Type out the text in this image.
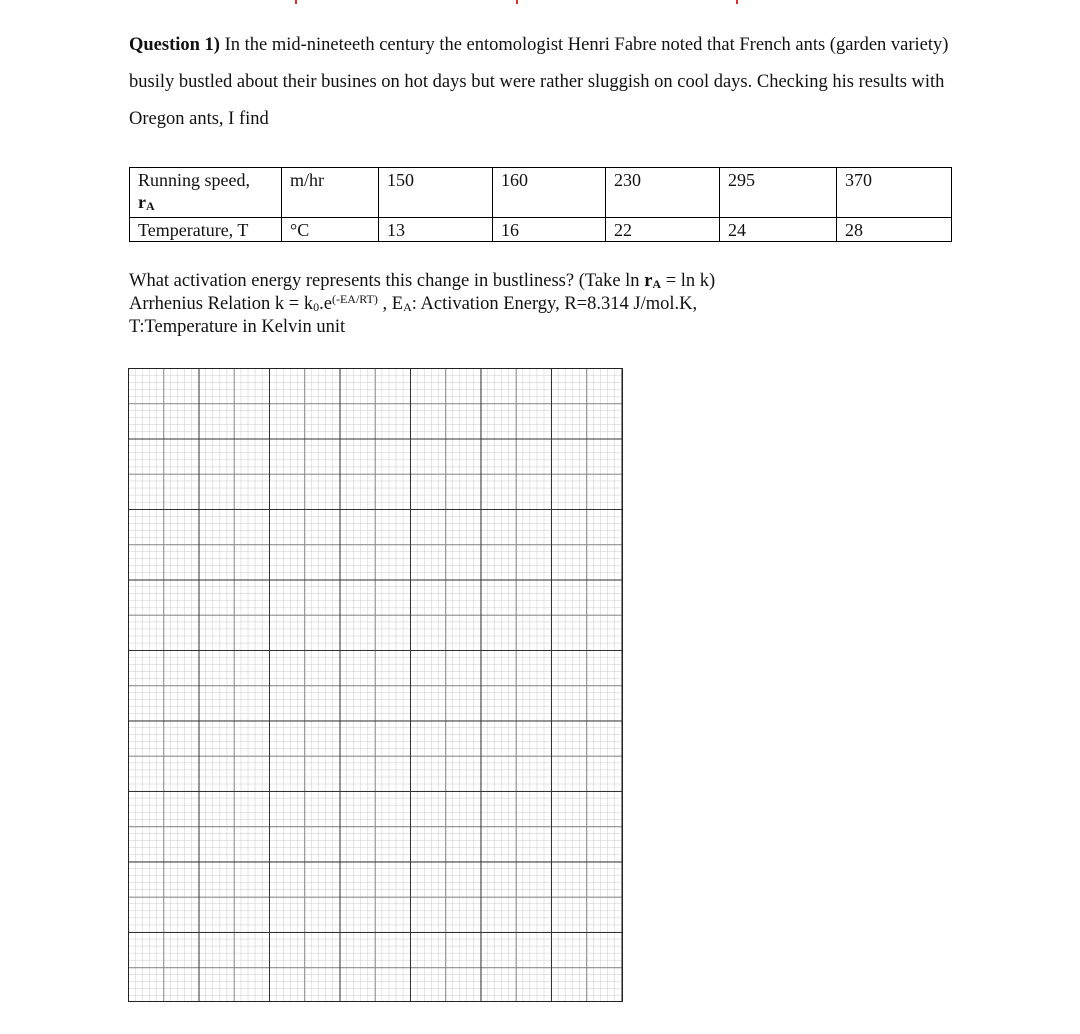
Question 1) In the mid-nineteeth century the entomologist Henri Fabre noted that French ants (garden variety) busily bustled about their busines on hot days but were rather sluggish on cool days. Checking his results with Oregon ants, I find

Running speed,
$r_A$	m/hr	150	160	230	295	370
Temperature, T	°C	13	16	22	24	28

What activation energy represents this change in bustliness? (Take $\ln r_A = \ln k$)

Arrhenius Relation $k = k_0.e^{(-EA/RT)}$ , $E_A$: Activation Energy, R=8.314 J/mol.K,

T:Temperature in Kelvin unit
